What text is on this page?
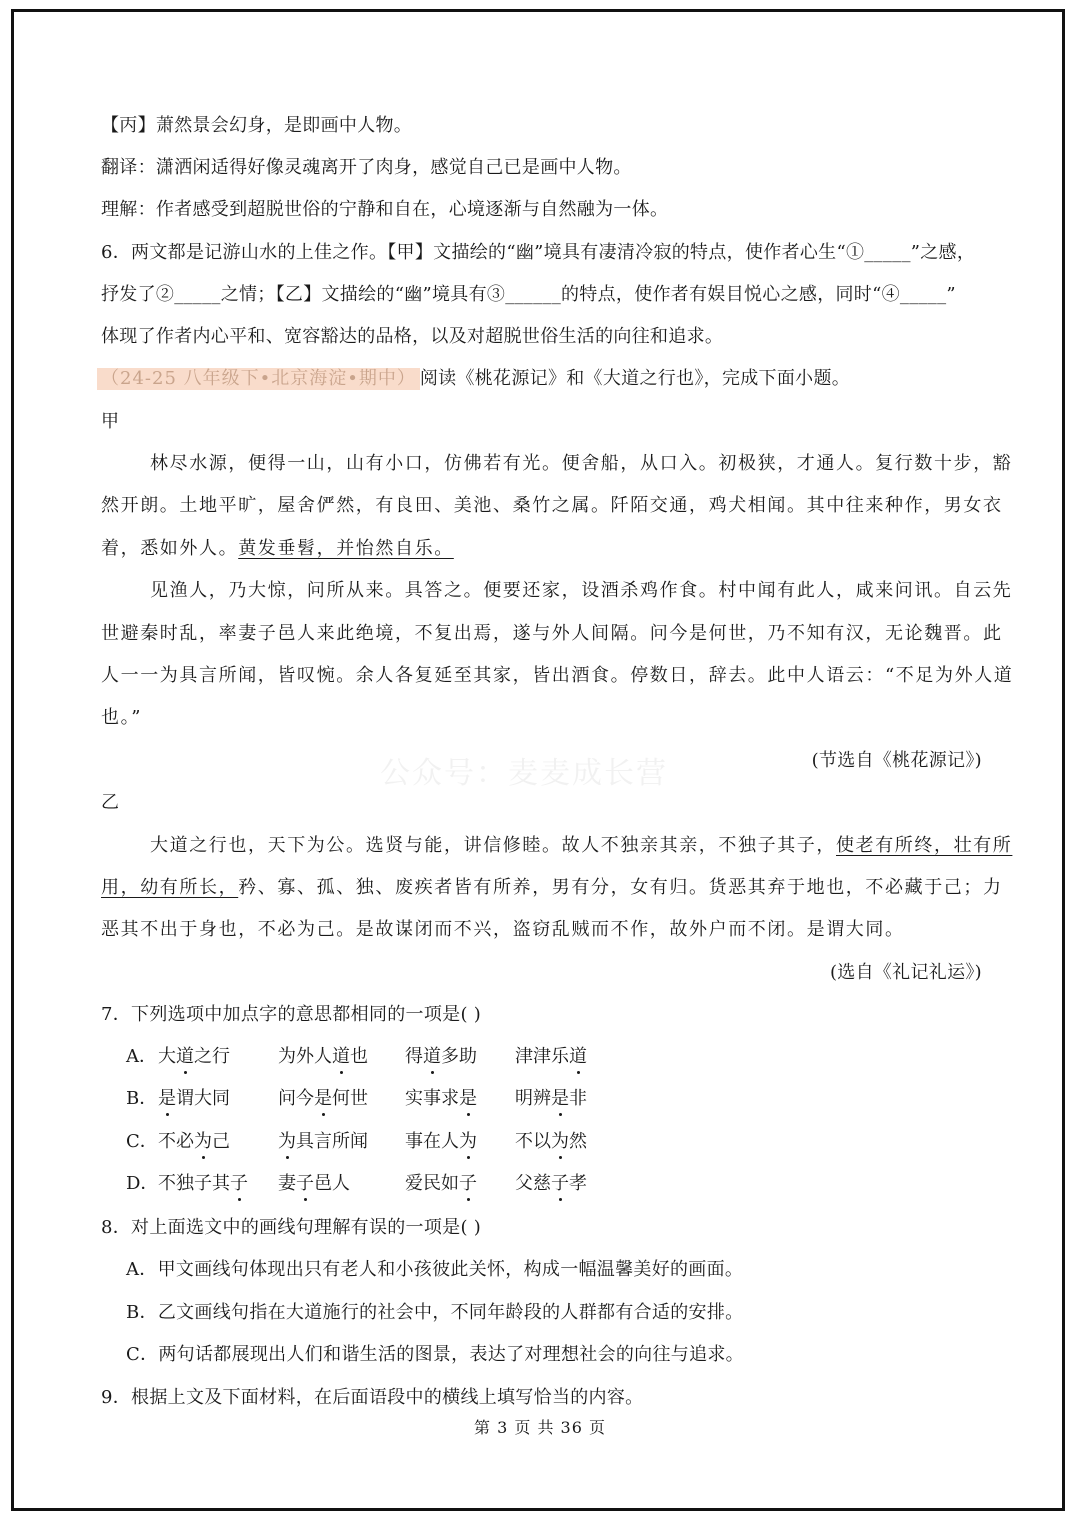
【丙】萧然景会幻身，是即画中人物。
翻译：潇洒闲适得好像灵魂离开了肉身，感觉自己已是画中人物。
理解：作者感受到超脱世俗的宁静和自在，心境逐渐与自然融为一体。
6．两文都是记游山水的上佳之作。【甲】文描绘的“幽”境具有凄清冷寂的特点，使作者心生“①_____”之感，
抒发了②_____之情；【乙】文描绘的“幽”境具有③______的特点，使作者有娱目悦心之感，同时“④_____”
体现了作者内心平和、宽容豁达的品格，以及对超脱世俗生活的向往和追求。
（24-25 八年级下•北京海淀•期中） 阅读《桃花源记》和《大道之行也》，完成下面小题。
甲
林尽水源，便得一山，山有小口，仿佛若有光。便舍船，从口入。初极狭，才通人。复行数十步，豁
然开朗。土地平旷，屋舍俨然，有良田、美池、桑竹之属。阡陌交通，鸡犬相闻。其中往来种作，男女衣
着，悉如外人。黄发垂髫，并怡然自乐。
见渔人，乃大惊，问所从来。具答之。便要还家，设酒杀鸡作食。村中闻有此人，咸来问讯。自云先
世避秦时乱，率妻子邑人来此绝境，不复出焉，遂与外人间隔。问今是何世，乃不知有汉，无论魏晋。此
人一一为具言所闻，皆叹惋。余人各复延至其家，皆出酒食。停数日，辞去。此中人语云：“不足为外人道
也。”
公众号：麦麦成长营	(节选自《桃花源记》)
乙
大道之行也，天下为公。选贤与能，讲信修睦。故人不独亲其亲，不独子其子，使老有所终，壮有所
用，幼有所长，矜、寡、孤、独、废疾者皆有所养，男有分，女有归。货恶其弃于地也，不必藏于己；力
恶其不出于身也，不必为己。是故谋闭而不兴，盗窃乱贼而不作，故外户而不闭。是谓大同。
(选自《礼记礼运》)
7．下列选项中加点字的意思都相同的一项是( )
A． 大道之行	为外人道也 得道多助 津津乐道
B． 是谓大同	问今是何世 实事求是 明辨是非
C． 不必为己	为具言所闻 事在人为 不以为然
D． 不独子其子 妻子邑人	爱民如子 父慈子孝
8．对上面选文中的画线句理解有误的一项是( )
A．甲文画线句体现出只有老人和小孩彼此关怀，构成一幅温馨美好的画面。
B．乙文画线句指在大道施行的社会中，不同年龄段的人群都有合适的安排。
C．两句话都展现出人们和谐生活的图景，表达了对理想社会的向往与追求。
9．根据上文及下面材料，在后面语段中的横线上填写恰当的内容。
第 3 页 共 36 页
